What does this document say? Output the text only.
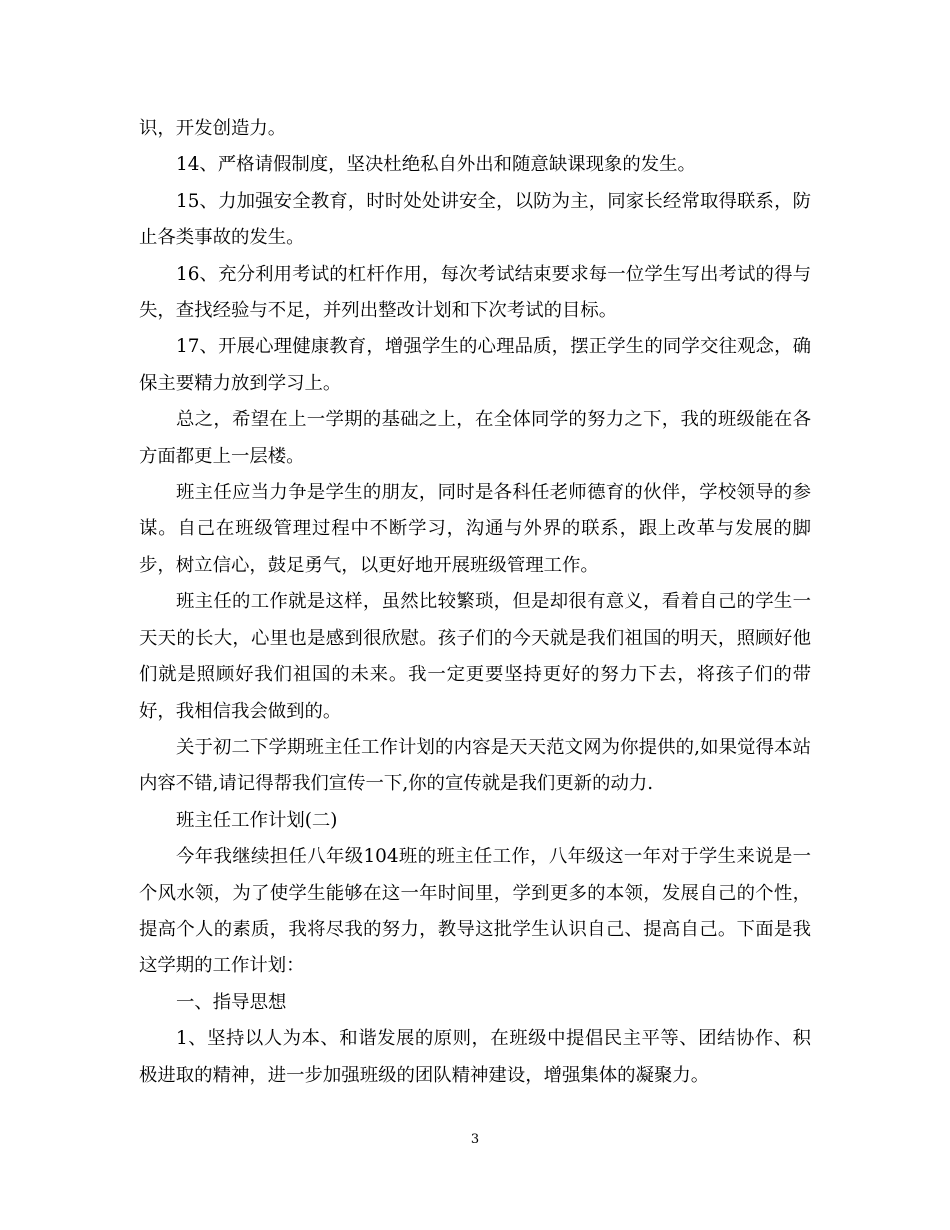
识，开发创造力。

14、严格请假制度，坚决杜绝私自外出和随意缺课现象的发生。

15、力加强安全教育，时时处处讲安全，以防为主，同家长经常取得联系，防止各类事故的发生。

16、充分利用考试的杠杆作用，每次考试结束要求每一位学生写出考试的得与失，查找经验与不足，并列出整改计划和下次考试的目标。

17、开展心理健康教育，增强学生的心理品质，摆正学生的同学交往观念，确保主要精力放到学习上。

总之，希望在上一学期的基础之上，在全体同学的努力之下，我的班级能在各方面都更上一层楼。

班主任应当力争是学生的朋友，同时是各科任老师德育的伙伴，学校领导的参谋。自己在班级管理过程中不断学习，沟通与外界的联系，跟上改革与发展的脚步，树立信心，鼓足勇气，以更好地开展班级管理工作。

班主任的工作就是这样，虽然比较繁琐，但是却很有意义，看着自己的学生一天天的长大，心里也是感到很欣慰。孩子们的今天就是我们祖国的明天，照顾好他们就是照顾好我们祖国的未来。我一定更要坚持更好的努力下去，将孩子们的带好，我相信我会做到的。

关于初二下学期班主任工作计划的内容是天天范文网为你提供的,如果觉得本站内容不错,请记得帮我们宣传一下,你的宣传就是我们更新的动力.

班主任工作计划(二)

今年我继续担任八年级104班的班主任工作，八年级这一年对于学生来说是一个风水领，为了使学生能够在这一年时间里，学到更多的本领，发展自己的个性，提高个人的素质，我将尽我的努力，教导这批学生认识自己、提高自己。下面是我这学期的工作计划：

一、指导思想

1、坚持以人为本、和谐发展的原则，在班级中提倡民主平等、团结协作、积极进取的精神，进一步加强班级的团队精神建设，增强集体的凝聚力。

3
